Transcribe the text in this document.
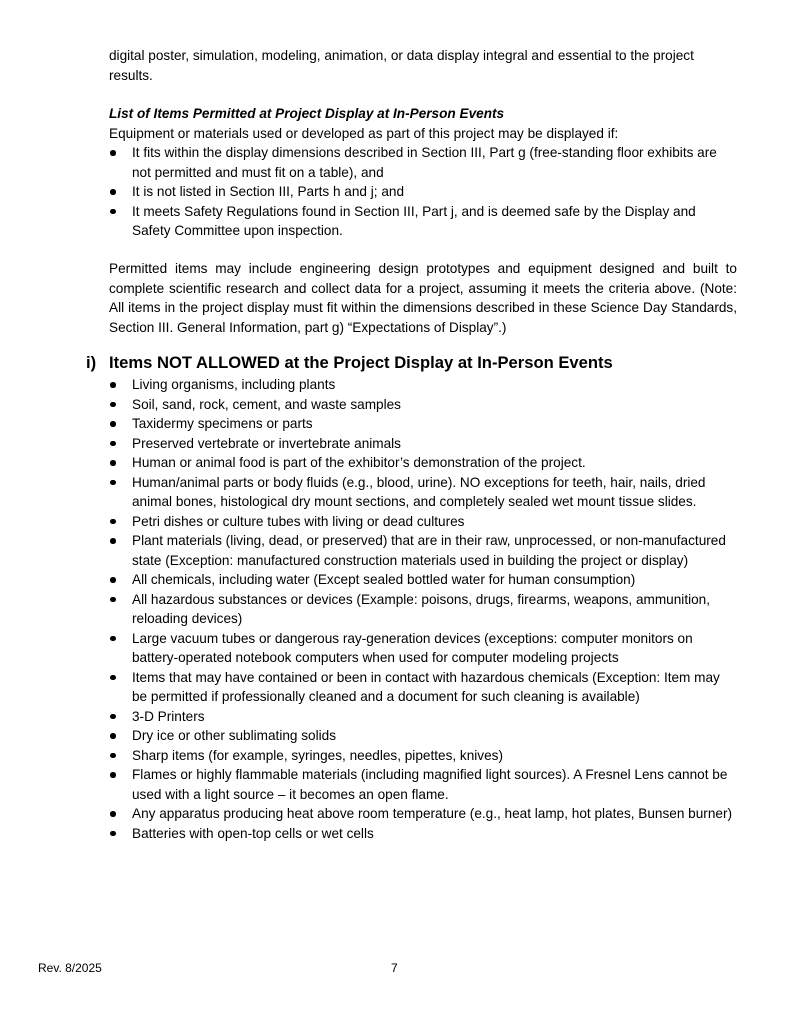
digital poster, simulation, modeling, animation, or data display integral and essential to the project results.

List of Items Permitted at Project Display at In-Person Events

Equipment or materials used or developed as part of this project may be displayed if:

It fits within the display dimensions described in Section III, Part g (free-standing floor exhibits are not permitted and must fit on a table), and
It is not listed in Section III, Parts h and j; and
It meets Safety Regulations found in Section III, Part j, and is deemed safe by the Display and Safety Committee upon inspection.

Permitted items may include engineering design prototypes and equipment designed and built to complete scientific research and collect data for a project, assuming it meets the criteria above. (Note: All items in the project display must fit within the dimensions described in these Science Day Standards, Section III. General Information, part g) “Expectations of Display”.)

i) Items NOT ALLOWED at the Project Display at In-Person Events
Living organisms, including plants
Soil, sand, rock, cement, and waste samples
Taxidermy specimens or parts
Preserved vertebrate or invertebrate animals
Human or animal food is part of the exhibitor’s demonstration of the project.
Human/animal parts or body fluids (e.g., blood, urine). NO exceptions for teeth, hair, nails, dried animal bones, histological dry mount sections, and completely sealed wet mount tissue slides.
Petri dishes or culture tubes with living or dead cultures
Plant materials (living, dead, or preserved) that are in their raw, unprocessed, or non-manufactured state (Exception: manufactured construction materials used in building the project or display)
All chemicals, including water (Except sealed bottled water for human consumption)
All hazardous substances or devices (Example: poisons, drugs, firearms, weapons, ammunition, reloading devices)
Large vacuum tubes or dangerous ray-generation devices (exceptions: computer monitors on battery-operated notebook computers when used for computer modeling projects
Items that may have contained or been in contact with hazardous chemicals (Exception: Item may be permitted if professionally cleaned and a document for such cleaning is available)
3-D Printers
Dry ice or other sublimating solids
Sharp items (for example, syringes, needles, pipettes, knives)
Flames or highly flammable materials (including magnified light sources). A Fresnel Lens cannot be used with a light source – it becomes an open flame.
Any apparatus producing heat above room temperature (e.g., heat lamp, hot plates, Bunsen burner)
Batteries with open-top cells or wet cells
Rev. 8/2025	7
